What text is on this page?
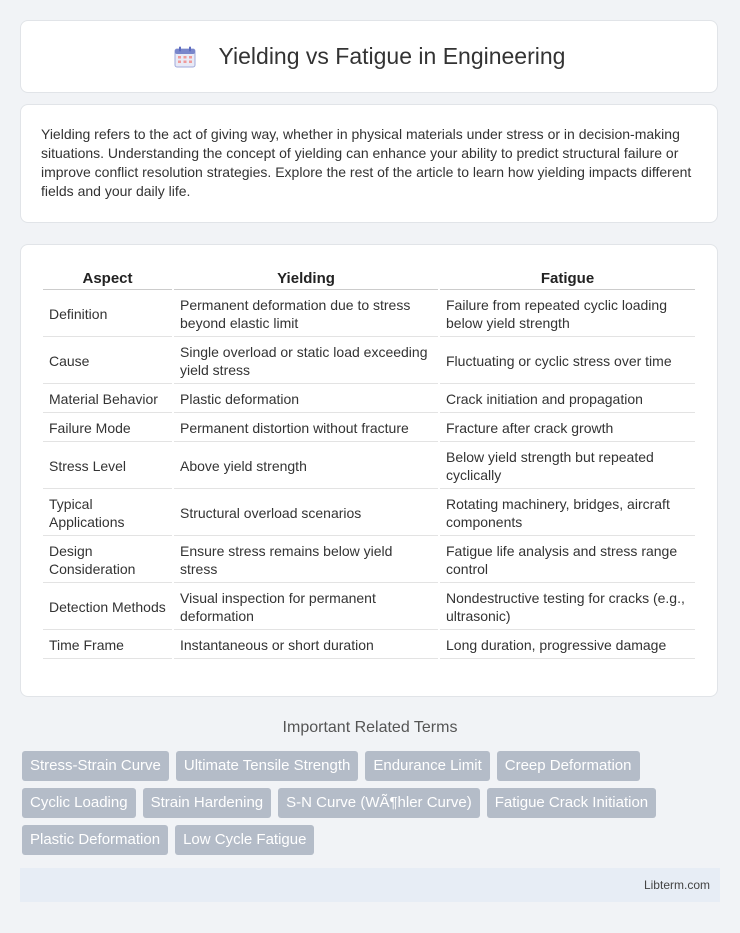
Yielding vs Fatigue in Engineering

Yielding refers to the act of giving way, whether in physical materials under stress or in decision-making situations. Understanding the concept of yielding can enhance your ability to predict structural failure or improve conflict resolution strategies. Explore the rest of the article to learn how yielding impacts different fields and your daily life.

Aspect	Yielding	Fatigue
Definition	Permanent deformation due to stress beyond elastic limit	Failure from repeated cyclic loading below yield strength
Cause	Single overload or static load exceeding yield stress	Fluctuating or cyclic stress over time
Material Behavior	Plastic deformation	Crack initiation and propagation
Failure Mode	Permanent distortion without fracture	Fracture after crack growth
Stress Level	Above yield strength	Below yield strength but repeated cyclically
Typical Applications	Structural overload scenarios	Rotating machinery, bridges, aircraft components
Design Consideration	Ensure stress remains below yield stress	Fatigue life analysis and stress range control
Detection Methods	Visual inspection for permanent deformation	Nondestructive testing for cracks (e.g., ultrasonic)
Time Frame	Instantaneous or short duration	Long duration, progressive damage
Important Related Terms
Stress-Strain Curve	Ultimate Tensile Strength	Endurance Limit	Creep Deformation
Cyclic Loading	Strain Hardening	S-N Curve (WÃ¶hler Curve)	Fatigue Crack Initiation
Plastic Deformation	Low Cycle Fatigue
Libterm.com
